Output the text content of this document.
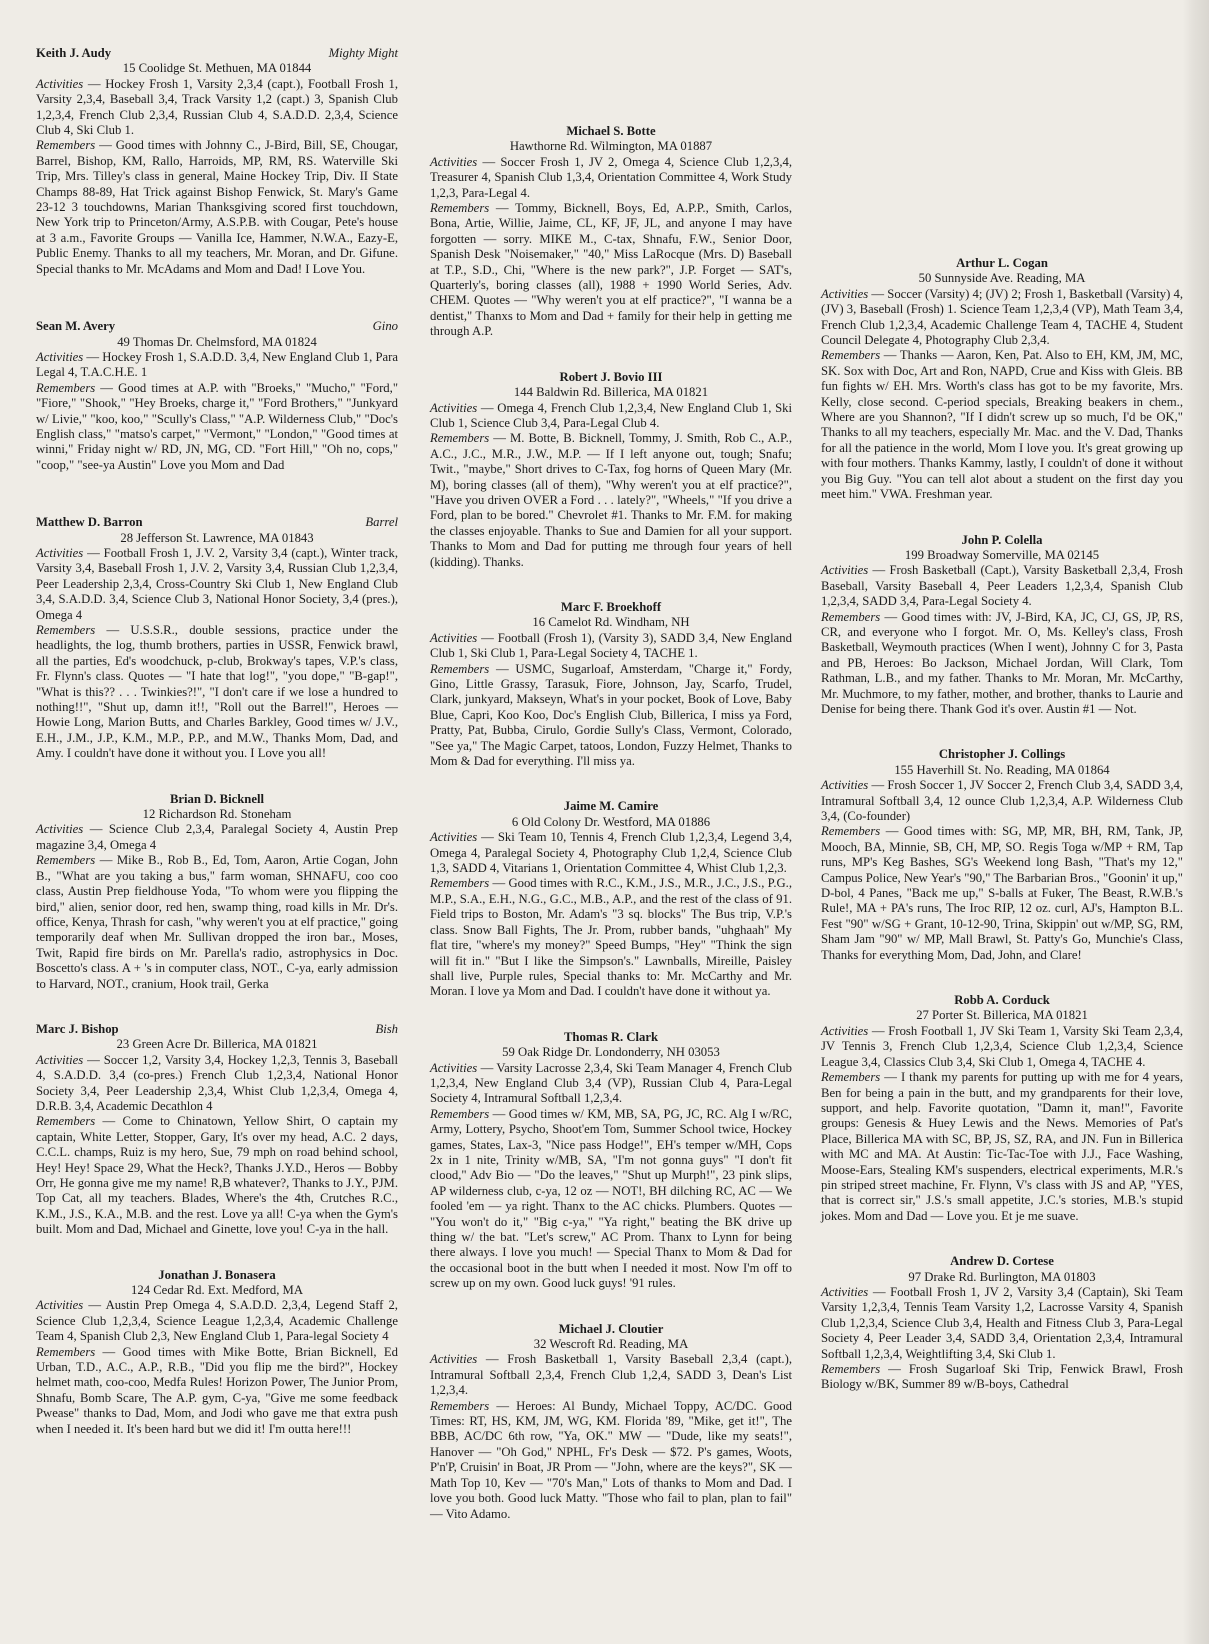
Keith J. Audy	Mighty Might
15 Coolidge St. Methuen, MA 01844

Activities — Hockey Frosh 1, Varsity 2,3,4 (capt.), Football Frosh 1, Varsity 2,3,4, Baseball 3,4, Track Varsity 1,2 (capt.) 3, Spanish Club 1,2,3,4, French Club 2,3,4, Russian Club 4, S.A.D.D. 2,3,4, Science Club 4, Ski Club 1.

Remembers — Good times with Johnny C., J-Bird, Bill, SE, Chougar, Barrel, Bishop, KM, Rallo, Harroids, MP, RM, RS. Waterville Ski Trip, Mrs. Tilley's class in general, Maine Hockey Trip, Div. II State Champs 88-89, Hat Trick against Bishop Fenwick, St. Mary's Game 23-12 3 touchdowns, Marian Thanksgiving scored first touchdown, New York trip to Princeton/Army, A.S.P.B. with Cougar, Pete's house at 3 a.m., Favorite Groups — Vanilla Ice, Hammer, N.W.A., Eazy-E, Public Enemy. Thanks to all my teachers, Mr. Moran, and Dr. Gifune. Special thanks to Mr. McAdams and Mom and Dad! I Love You.

Sean M. Avery	Gino
49 Thomas Dr. Chelmsford, MA 01824

Activities — Hockey Frosh 1, S.A.D.D. 3,4, New England Club 1, Para Legal 4, T.A.C.H.E. 1

Remembers — Good times at A.P. with "Broeks," "Mucho," "Ford," "Fiore," "Shook," "Hey Broeks, charge it," "Ford Brothers," "Junkyard w/ Livie," "koo, koo," "Scully's Class," "A.P. Wilderness Club," "Doc's English class," "matso's carpet," "Vermont," "London," "Good times at winni," Friday night w/ RD, JN, MG, CD. "Fort Hill," "Oh no, cops," "coop," "see-ya Austin" Love you Mom and Dad

Matthew D. Barron	Barrel
28 Jefferson St. Lawrence, MA 01843

Activities — Football Frosh 1, J.V. 2, Varsity 3,4 (capt.), Winter track, Varsity 3,4, Baseball Frosh 1, J.V. 2, Varsity 3,4, Russian Club 1,2,3,4, Peer Leadership 2,3,4, Cross-Country Ski Club 1, New England Club 3,4, S.A.D.D. 3,4, Science Club 3, National Honor Society, 3,4 (pres.), Omega 4

Remembers — U.S.S.R., double sessions, practice under the headlights, the log, thumb brothers, parties in USSR, Fenwick brawl, all the parties, Ed's woodchuck, p-club, Brokway's tapes, V.P.'s class, Fr. Flynn's class. Quotes — "I hate that log!", "you dope," "B-gap!", "What is this?? . . . Twinkies?!", "I don't care if we lose a hundred to nothing!!", "Shut up, damn it!!, "Roll out the Barrel!", Heroes — Howie Long, Marion Butts, and Charles Barkley, Good times w/ J.V., E.H., J.M., J.P., K.M., M.P., P.P., and M.W., Thanks Mom, Dad, and Amy. I couldn't have done it without you. I Love you all!

Brian D. Bicknell
12 Richardson Rd. Stoneham

Activities — Science Club 2,3,4, Paralegal Society 4, Austin Prep magazine 3,4, Omega 4

Remembers — Mike B., Rob B., Ed, Tom, Aaron, Artie Cogan, John B., "What are you taking a bus," farm woman, SHNAFU, coo coo class, Austin Prep fieldhouse Yoda, "To whom were you flipping the bird," alien, senior door, red hen, swamp thing, road kills in Mr. Dr's. office, Kenya, Thrash for cash, "why weren't you at elf practice," going temporarily deaf when Mr. Sullivan dropped the iron bar., Moses, Twit, Rapid fire birds on Mr. Parella's radio, astrophysics in Doc. Boscetto's class. A + 's in computer class, NOT., C-ya, early admission to Harvard, NOT., cranium, Hook trail, Gerka

Marc J. Bishop	Bish
23 Green Acre Dr. Billerica, MA 01821

Activities — Soccer 1,2, Varsity 3,4, Hockey 1,2,3, Tennis 3, Baseball 4, S.A.D.D. 3,4 (co-pres.) French Club 1,2,3,4, National Honor Society 3,4, Peer Leadership 2,3,4, Whist Club 1,2,3,4, Omega 4, D.R.B. 3,4, Academic Decathlon 4

Remembers — Come to Chinatown, Yellow Shirt, O captain my captain, White Letter, Stopper, Gary, It's over my head, A.C. 2 days, C.C.L. champs, Ruiz is my hero, Sue, 79 mph on road behind school, Hey! Hey! Space 29, What the Heck?, Thanks J.Y.D., Heros — Bobby Orr, He gonna give me my name! R,B whatever?, Thanks to J.Y., PJM. Top Cat, all my teachers. Blades, Where's the 4th, Crutches R.C., K.M., J.S., K.A., M.B. and the rest. Love ya all! C-ya when the Gym's built. Mom and Dad, Michael and Ginette, love you! C-ya in the hall.

Jonathan J. Bonasera
124 Cedar Rd. Ext. Medford, MA

Activities — Austin Prep Omega 4, S.A.D.D. 2,3,4, Legend Staff 2, Science Club 1,2,3,4, Science League 1,2,3,4, Academic Challenge Team 4, Spanish Club 2,3, New England Club 1, Para-legal Society 4

Remembers — Good times with Mike Botte, Brian Bicknell, Ed Urban, T.D., A.C., A.P., R.B., "Did you flip me the bird?", Hockey helmet math, coo-coo, Medfa Rules! Horizon Power, The Junior Prom, Shnafu, Bomb Scare, The A.P. gym, C-ya, "Give me some feedback Pwease" thanks to Dad, Mom, and Jodi who gave me that extra push when I needed it. It's been hard but we did it! I'm outta here!!!

Michael S. Botte
Hawthorne Rd. Wilmington, MA 01887

Activities — Soccer Frosh 1, JV 2, Omega 4, Science Club 1,2,3,4, Treasurer 4, Spanish Club 1,3,4, Orientation Committee 4, Work Study 1,2,3, Para-Legal 4.

Remembers — Tommy, Bicknell, Boys, Ed, A.P.P., Smith, Carlos, Bona, Artie, Willie, Jaime, CL, KF, JF, JL, and anyone I may have forgotten — sorry. MIKE M., C-tax, Shnafu, F.W., Senior Door, Spanish Desk "Noisemaker," "40," Miss LaRocque (Mrs. D) Baseball at T.P., S.D., Chi, "Where is the new park?", J.P. Forget — SAT's, Quarterly's, boring classes (all), 1988 + 1990 World Series, Adv. CHEM. Quotes — "Why weren't you at elf practice?", "I wanna be a dentist," Thanxs to Mom and Dad + family for their help in getting me through A.P.

Robert J. Bovio III
144 Baldwin Rd. Billerica, MA 01821

Activities — Omega 4, French Club 1,2,3,4, New England Club 1, Ski Club 1, Science Club 3,4, Para-Legal Club 4.

Remembers — M. Botte, B. Bicknell, Tommy, J. Smith, Rob C., A.P., A.C., J.C., M.R., J.W., M.P. — If I left anyone out, tough; Snafu; Twit., "maybe," Short drives to C-Tax, fog horns of Queen Mary (Mr. M), boring classes (all of them), "Why weren't you at elf practice?", "Have you driven OVER a Ford . . . lately?", "Wheels," "If you drive a Ford, plan to be bored." Chevrolet #1. Thanks to Mr. F.M. for making the classes enjoyable. Thanks to Sue and Damien for all your support. Thanks to Mom and Dad for putting me through four years of hell (kidding). Thanks.

Marc F. Broekhoff
16 Camelot Rd. Windham, NH

Activities — Football (Frosh 1), (Varsity 3), SADD 3,4, New England Club 1, Ski Club 1, Para-Legal Society 4, TACHE 1.

Remembers — USMC, Sugarloaf, Amsterdam, "Charge it," Fordy, Gino, Little Grassy, Tarasuk, Fiore, Johnson, Jay, Scarfo, Trudel, Clark, junkyard, Makseyn, What's in your pocket, Book of Love, Baby Blue, Capri, Koo Koo, Doc's English Club, Billerica, I miss ya Ford, Pratty, Pat, Bubba, Cirulo, Gordie Sully's Class, Vermont, Colorado, "See ya," The Magic Carpet, tatoos, London, Fuzzy Helmet, Thanks to Mom & Dad for everything. I'll miss ya.

Jaime M. Camire
6 Old Colony Dr. Westford, MA 01886

Activities — Ski Team 10, Tennis 4, French Club 1,2,3,4, Legend 3,4, Omega 4, Paralegal Society 4, Photography Club 1,2,4, Science Club 1,3, SADD 4, Vitarians 1, Orientation Committee 4, Whist Club 1,2,3.

Remembers — Good times with R.C., K.M., J.S., M.R., J.C., J.S., P.G., M.P., S.A., E.H., N.G., G.C., M.B., A.P., and the rest of the class of 91. Field trips to Boston, Mr. Adam's "3 sq. blocks" The Bus trip, V.P.'s class. Snow Ball Fights, The Jr. Prom, rubber bands, "uhghaah" My flat tire, "where's my money?" Speed Bumps, "Hey" "Think the sign will fit in." "But I like the Simpson's." Lawnballs, Mireille, Paisley shall live, Purple rules, Special thanks to: Mr. McCarthy and Mr. Moran. I love ya Mom and Dad. I couldn't have done it without ya.

Thomas R. Clark
59 Oak Ridge Dr. Londonderry, NH 03053

Activities — Varsity Lacrosse 2,3,4, Ski Team Manager 4, French Club 1,2,3,4, New England Club 3,4 (VP), Russian Club 4, Para-Legal Society 4, Intramural Softball 1,2,3,4.

Remembers — Good times w/ KM, MB, SA, PG, JC, RC. Alg I w/RC, Army, Lottery, Psycho, Shoot'em Tom, Summer School twice, Hockey games, States, Lax-3, "Nice pass Hodge!", EH's temper w/MH, Cops 2x in 1 nite, Trinity w/MB, SA, "I'm not gonna guys" "I don't fit clood," Adv Bio — "Do the leaves," "Shut up Murph!", 23 pink slips, AP wilderness club, c-ya, 12 oz — NOT!, BH dilching RC, AC — We fooled 'em — ya right. Thanx to the AC chicks. Plumbers. Quotes — "You won't do it," "Big c-ya," "Ya right," beating the BK drive up thing w/ the bat. "Let's screw," AC Prom. Thanx to Lynn for being there always. I love you much! — Special Thanx to Mom & Dad for the occasional boot in the butt when I needed it most. Now I'm off to screw up on my own. Good luck guys! '91 rules.

Michael J. Cloutier
32 Wescroft Rd. Reading, MA

Activities — Frosh Basketball 1, Varsity Baseball 2,3,4 (capt.), Intramural Softball 2,3,4, French Club 1,2,4, SADD 3, Dean's List 1,2,3,4.

Remembers — Heroes: Al Bundy, Michael Toppy, AC/DC. Good Times: RT, HS, KM, JM, WG, KM. Florida '89, "Mike, get it!", The BBB, AC/DC 6th row, "Ya, OK." MW — "Dude, like my seats!", Hanover — "Oh God," NPHL, Fr's Desk — $72. P's games, Woots, P'n'P, Cruisin' in Boat, JR Prom — "John, where are the keys?", SK — Math Top 10, Kev — "70's Man," Lots of thanks to Mom and Dad. I love you both. Good luck Matty. "Those who fail to plan, plan to fail" — Vito Adamo.

Arthur L. Cogan
50 Sunnyside Ave. Reading, MA

Activities — Soccer (Varsity) 4; (JV) 2; Frosh 1, Basketball (Varsity) 4, (JV) 3, Baseball (Frosh) 1. Science Team 1,2,3,4 (VP), Math Team 3,4, French Club 1,2,3,4, Academic Challenge Team 4, TACHE 4, Student Council Delegate 4, Photography Club 2,3,4.

Remembers — Thanks — Aaron, Ken, Pat. Also to EH, KM, JM, MC, SK. Sox with Doc, Art and Ron, NAPD, Crue and Kiss with Gleis. BB fun fights w/ EH. Mrs. Worth's class has got to be my favorite, Mrs. Kelly, close second. C-period specials, Breaking beakers in chem., Where are you Shannon?, "If I didn't screw up so much, I'd be OK," Thanks to all my teachers, especially Mr. Mac. and the V. Dad, Thanks for all the patience in the world, Mom I love you. It's great growing up with four mothers. Thanks Kammy, lastly, I couldn't of done it without you Big Guy. "You can tell alot about a student on the first day you meet him." VWA. Freshman year.

John P. Colella
199 Broadway Somerville, MA 02145

Activities — Frosh Basketball (Capt.), Varsity Basketball 2,3,4, Frosh Baseball, Varsity Baseball 4, Peer Leaders 1,2,3,4, Spanish Club 1,2,3,4, SADD 3,4, Para-Legal Society 4.

Remembers — Good times with: JV, J-Bird, KA, JC, CJ, GS, JP, RS, CR, and everyone who I forgot. Mr. O, Ms. Kelley's class, Frosh Basketball, Weymouth practices (When I went), Johnny C for 3, Pasta and PB, Heroes: Bo Jackson, Michael Jordan, Will Clark, Tom Rathman, L.B., and my father. Thanks to Mr. Moran, Mr. McCarthy, Mr. Muchmore, to my father, mother, and brother, thanks to Laurie and Denise for being there. Thank God it's over. Austin #1 — Not.

Christopher J. Collings
155 Haverhill St. No. Reading, MA 01864

Activities — Frosh Soccer 1, JV Soccer 2, French Club 3,4, SADD 3,4, Intramural Softball 3,4, 12 ounce Club 1,2,3,4, A.P. Wilderness Club 3,4, (Co-founder)

Remembers — Good times with: SG, MP, MR, BH, RM, Tank, JP, Mooch, BA, Minnie, SB, CH, MP, SO. Regis Toga w/MP + RM, Tap runs, MP's Keg Bashes, SG's Weekend long Bash, "That's my 12," Campus Police, New Year's "90," The Barbarian Bros., "Goonin' it up," D-bol, 4 Panes, "Back me up," S-balls at Fuker, The Beast, R.W.B.'s Rule!, MA + PA's runs, The Iroc RIP, 12 oz. curl, AJ's, Hampton B.L. Fest "90" w/SG + Grant, 10-12-90, Trina, Skippin' out w/MP, SG, RM, Sham Jam "90" w/ MP, Mall Brawl, St. Patty's Go, Munchie's Class, Thanks for everything Mom, Dad, John, and Clare!

Robb A. Corduck
27 Porter St. Billerica, MA 01821

Activities — Frosh Football 1, JV Ski Team 1, Varsity Ski Team 2,3,4, JV Tennis 3, French Club 1,2,3,4, Science Club 1,2,3,4, Science League 3,4, Classics Club 3,4, Ski Club 1, Omega 4, TACHE 4.

Remembers — I thank my parents for putting up with me for 4 years, Ben for being a pain in the butt, and my grandparents for their love, support, and help. Favorite quotation, "Damn it, man!", Favorite groups: Genesis & Huey Lewis and the News. Memories of Pat's Place, Billerica MA with SC, BP, JS, SZ, RA, and JN. Fun in Billerica with MC and MA. At Austin: Tic-Tac-Toe with J.J., Face Washing, Moose-Ears, Stealing KM's suspenders, electrical experiments, M.R.'s pin striped street machine, Fr. Flynn, V's class with JS and AP, "YES, that is correct sir," J.S.'s small appetite, J.C.'s stories, M.B.'s stupid jokes. Mom and Dad — Love you. Et je me suave.

Andrew D. Cortese
97 Drake Rd. Burlington, MA 01803

Activities — Football Frosh 1, JV 2, Varsity 3,4 (Captain), Ski Team Varsity 1,2,3,4, Tennis Team Varsity 1,2, Lacrosse Varsity 4, Spanish Club 1,2,3,4, Science Club 3,4, Health and Fitness Club 3, Para-Legal Society 4, Peer Leader 3,4, SADD 3,4, Orientation 2,3,4, Intramural Softball 1,2,3,4, Weightlifting 3,4, Ski Club 1.

Remembers — Frosh Sugarloaf Ski Trip, Fenwick Brawl, Frosh Biology w/BK, Summer 89 w/B-boys, Cathedral
